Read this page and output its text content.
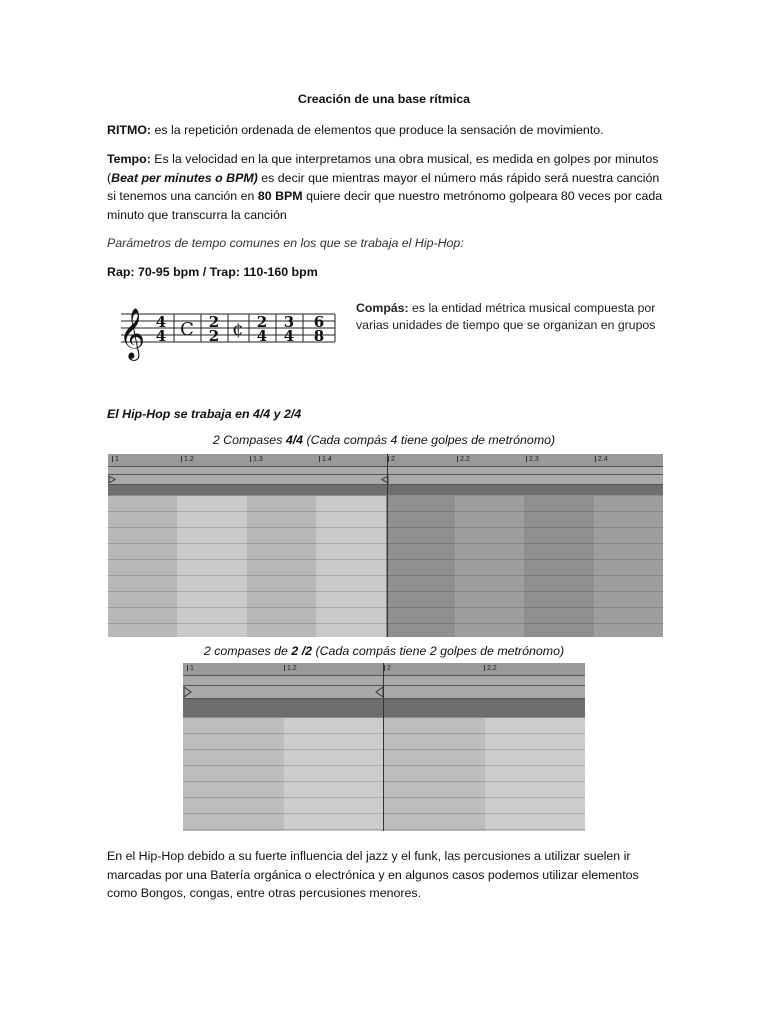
Creación de una base rítmica

RITMO: es la repetición ordenada de elementos que produce la sensación de movimiento.

Tempo: Es la velocidad en la que interpretamos una obra musical, es medida en golpes por minutos (Beat per minutes o BPM) es decir que mientras mayor el número más rápido será nuestra canción si tenemos una canción en 80 BPM quiere decir que nuestro metrónomo golpeara 80 veces por cada minuto que transcurra la canción

Parámetros de tempo comunes en los que se trabaja el Hip-Hop:

Rap: 70-95 bpm / Trap: 110-160 bpm

𝄞 4
4 C 2
2 ¢ 2
4
3
4
6
8
Compás: es la entidad métrica musical compuesta por varias unidades de tiempo que se organizan en grupos

El Hip-Hop se trabaja en 4/4 y 2/4

2 Compases 4/4 (Cada compás 4 tiene golpes de metrónomo)
1	1.2	1.3	1.4	2	2.2	2.3	2.4
2 compases de 2 /2 (Cada compás tiene 2 golpes de metrónomo)
1	1.2	2	2.2

En el Hip-Hop debido a su fuerte influencia del jazz y el funk, las percusiones a utilizar suelen ir marcadas por una Batería orgánica o electrónica y en algunos casos podemos utilizar elementos como Bongos, congas, entre otras percusiones menores.
